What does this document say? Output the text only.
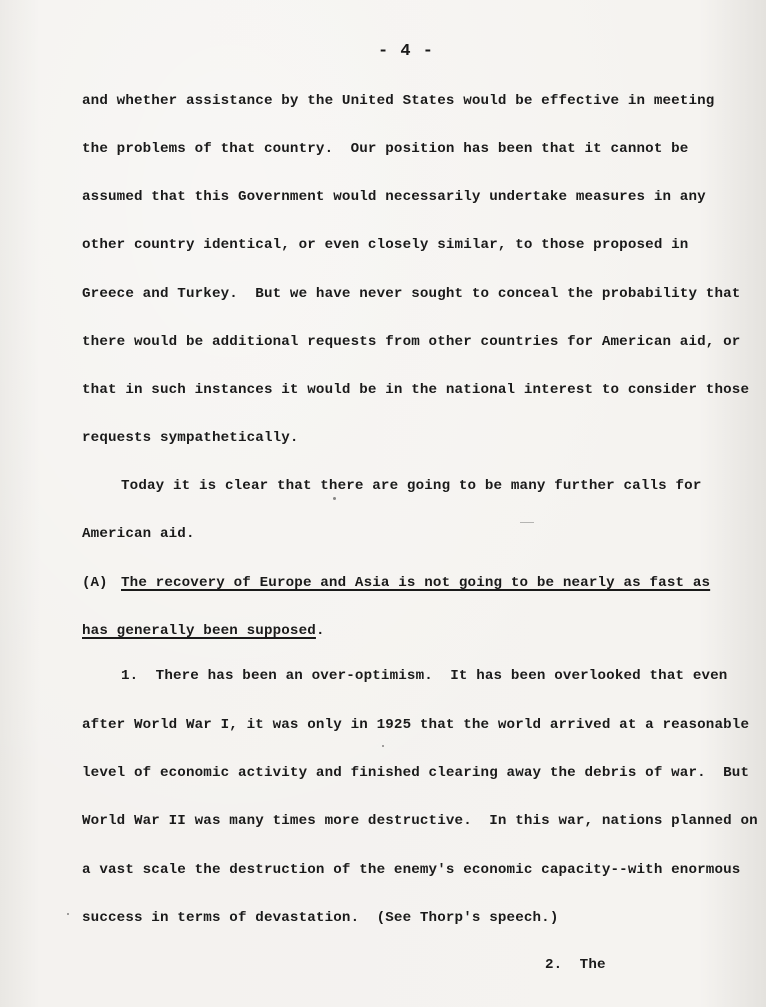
- 4 -
and whether assistance by the United States would be effective in meeting
the problems of that country.  Our position has been that it cannot be
assumed that this Government would necessarily undertake measures in any
other country identical, or even closely similar, to those proposed in
Greece and Turkey.  But we have never sought to conceal the probability that
there would be additional requests from other countries for American aid, or
that in such instances it would be in the national interest to consider those
requests sympathetically.
Today it is clear that there are going to be many further calls for
American aid.
(A) The recovery of Europe and Asia is not going to be nearly as fast as
has generally been supposed.
1.  There has been an over-optimism.  It has been overlooked that even
after World War I, it was only in 1925 that the world arrived at a reasonable
level of economic activity and finished clearing away the debris of war.  But
World War II was many times more destructive.  In this war, nations planned on
a vast scale the destruction of the enemy's economic capacity--with enormous
success in terms of devastation.  (See Thorp's speech.)
2.  The
